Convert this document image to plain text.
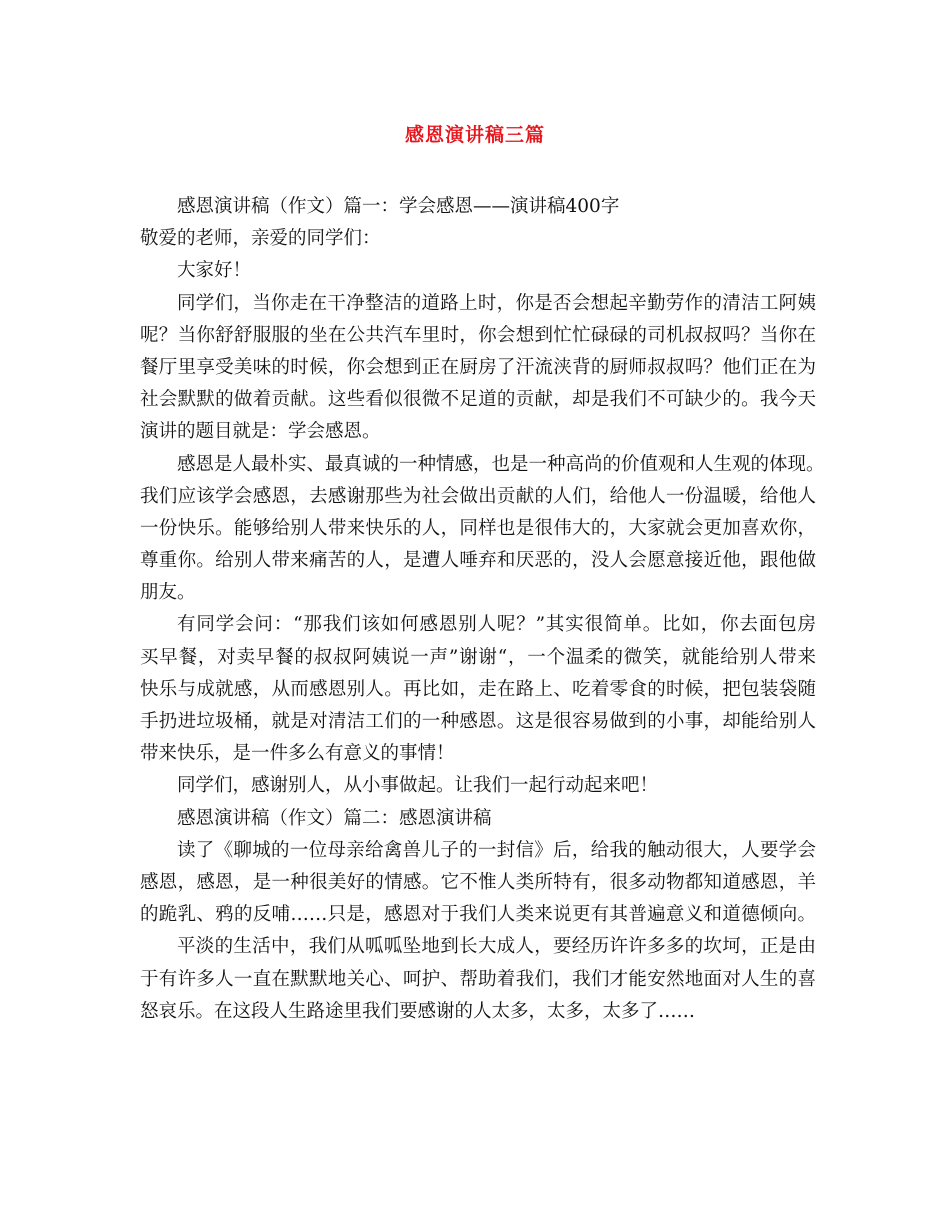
感恩演讲稿三篇
感恩演讲稿（作文）篇一：学会感恩——演讲稿400字
敬爱的老师，亲爱的同学们：
大家好！
同学们，当你走在干净整洁的道路上时，你是否会想起辛勤劳作的清洁工阿姨
呢？当你舒舒服服的坐在公共汽车里时，你会想到忙忙碌碌的司机叔叔吗？当你在
餐厅里享受美味的时候，你会想到正在厨房了汗流浃背的厨师叔叔吗？他们正在为
社会默默的做着贡献。这些看似很微不足道的贡献，却是我们不可缺少的。我今天
演讲的题目就是：学会感恩。
感恩是人最朴实、最真诚的一种情感，也是一种高尚的价值观和人生观的体现。
我们应该学会感恩，去感谢那些为社会做出贡献的人们，给他人一份温暖，给他人
一份快乐。能够给别人带来快乐的人，同样也是很伟大的，大家就会更加喜欢你，
尊重你。给别人带来痛苦的人，是遭人唾弃和厌恶的，没人会愿意接近他，跟他做
朋友。
有同学会问：“那我们该如何感恩别人呢？”其实很简单。比如，你去面包房
买早餐，对卖早餐的叔叔阿姨说一声”谢谢“，一个温柔的微笑，就能给别人带来
快乐与成就感，从而感恩别人。再比如，走在路上、吃着零食的时候，把包装袋随
手扔进垃圾桶，就是对清洁工们的一种感恩。这是很容易做到的小事，却能给别人
带来快乐，是一件多么有意义的事情！
同学们，感谢别人，从小事做起。让我们一起行动起来吧！
感恩演讲稿（作文）篇二：感恩演讲稿
读了《聊城的一位母亲给禽兽儿子的一封信》后，给我的触动很大，人要学会
感恩，感恩，是一种很美好的情感。它不惟人类所特有，很多动物都知道感恩，羊
的跪乳、鸦的反哺……只是，感恩对于我们人类来说更有其普遍意义和道德倾向。
平淡的生活中，我们从呱呱坠地到长大成人，要经历许许多多的坎坷，正是由
于有许多人一直在默默地关心、呵护、帮助着我们，我们才能安然地面对人生的喜
怒哀乐。在这段人生路途里我们要感谢的人太多，太多，太多了……
